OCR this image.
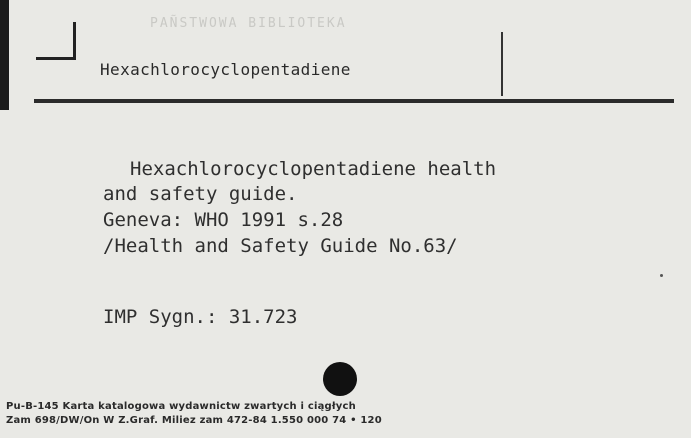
PAÑSTWOWA BIBLIOTEKA
Hexachlorocyclopentadiene
Hexachlorocyclopentadiene health
and safety guide.
Geneva: WHO 1991 s.28
/Health and Safety Guide No.63/
IMP Sygn.: 31.723
Pu-B-145 Karta katalogowa wydawnictw zwartych i ciągłych
Zam 698/DW/On W Z.Graf. Miliez zam 472-84 1.550 000 74 • 120
